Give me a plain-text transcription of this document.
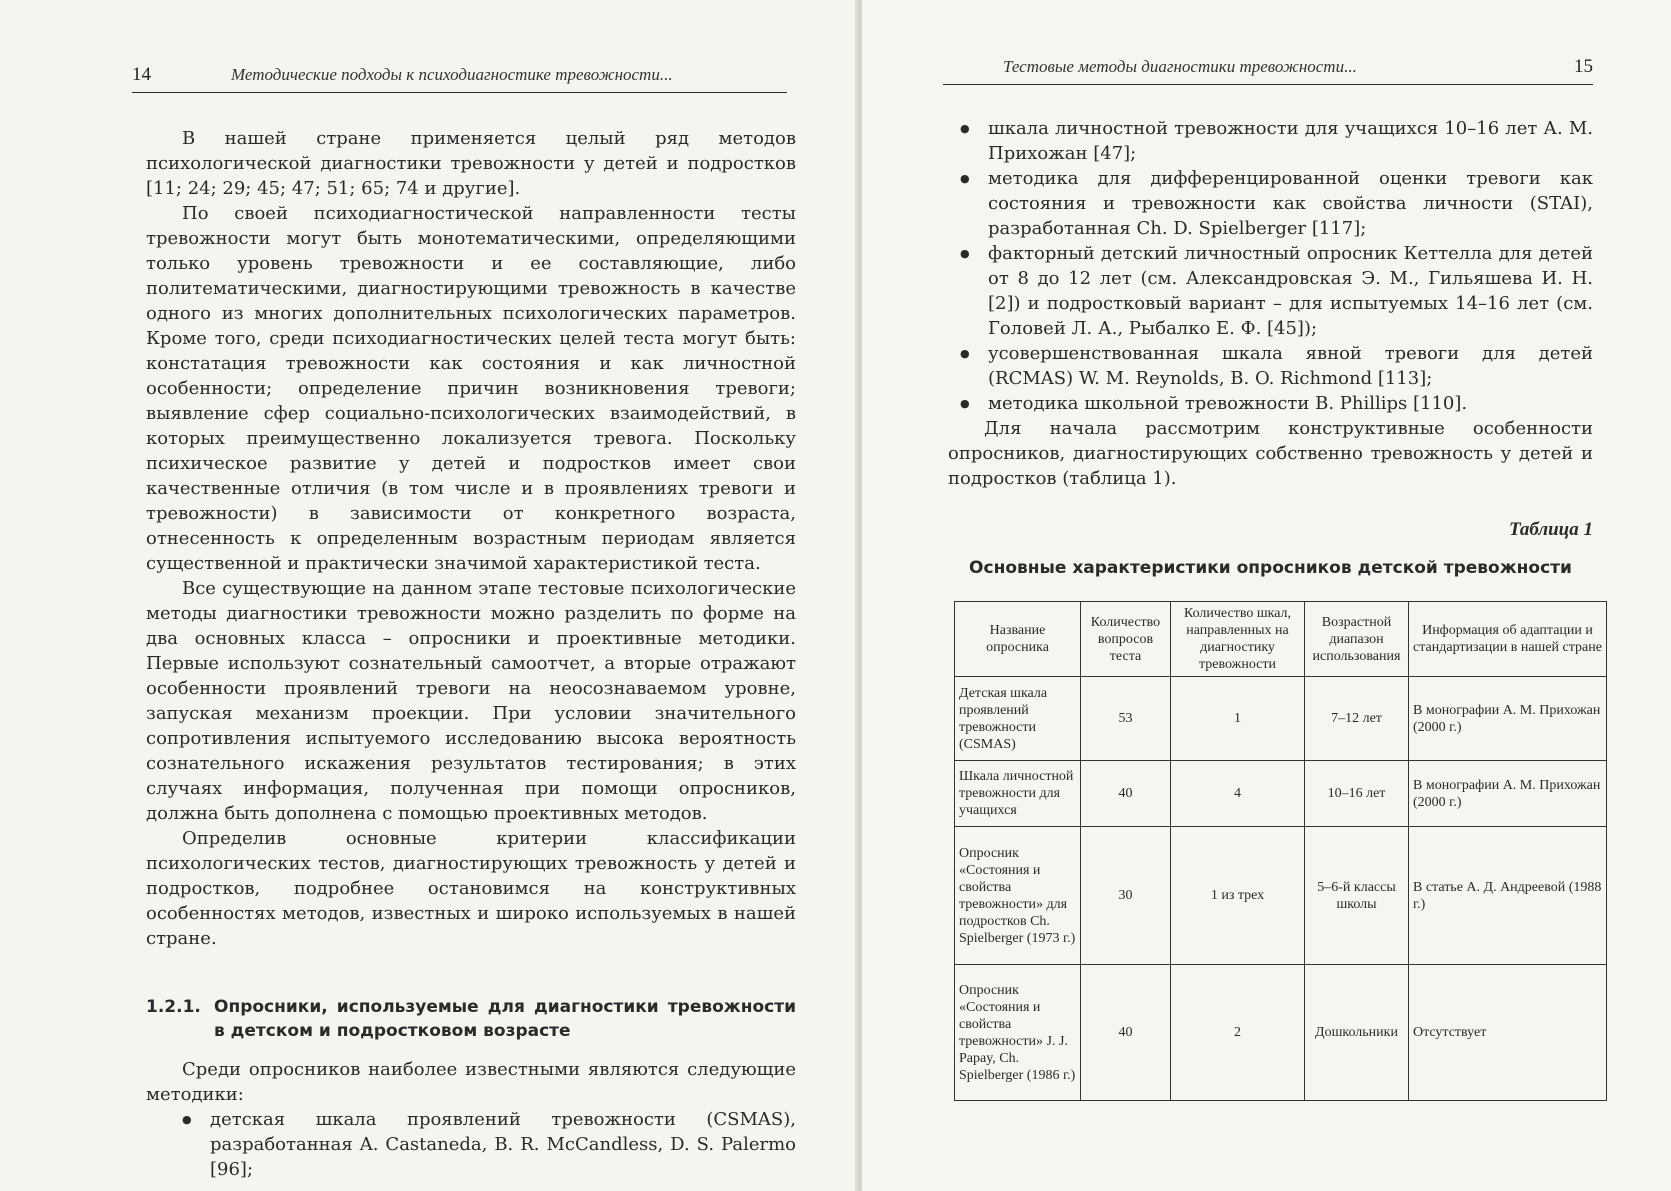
14	Методические подходы к психодиагностике тревожности...

В нашей стране применяется целый ряд методов психологической диагностики тревожности у детей и подростков [11; 24; 29; 45; 47; 51; 65; 74 и другие].

По своей психодиагностической направленности тесты тревожности могут быть монотематическими, определяющими только уровень тревожности и ее составляющие, либо политематическими, диагностирующими тревожность в качестве одного из многих дополнительных психологических параметров. Кроме того, среди психодиагностических целей теста могут быть: констатация тревожности как состояния и как личностной особенности; определение причин возникновения тревоги; выявление сфер социально-психологических взаимодействий, в которых преимущественно локализуется тревога. Поскольку психическое развитие у детей и подростков имеет свои качественные отличия (в том числе и в проявлениях тревоги и тревожности) в зависимости от конкретного возраста, отнесенность к определенным возрастным периодам является существенной и практически значимой характеристикой теста.

Все существующие на данном этапе тестовые психологические методы диагностики тревожности можно разделить по форме на два основных класса – опросники и проективные методики. Первые используют сознательный самоотчет, а вторые отражают особенности проявлений тревоги на неосознаваемом уровне, запуская механизм проекции. При условии значительного сопротивления испытуемого исследованию высока вероятность сознательного искажения результатов тестирования; в этих случаях информация, полученная при помощи опросников, должна быть дополнена с помощью проективных методов.

Определив основные критерии классификации психологических тестов, диагностирующих тревожность у детей и подростков, подробнее остановимся на конструктивных особенностях методов, известных и широко используемых в нашей стране.

1.2.1. Опросники, используемые для диагностики тревожности в детском и подростковом возрасте

Среди опросников наиболее известными являются следующие методики:

● детская шкала проявлений тревожности (CSMAS), разработанная A. Castaneda, B. R. McCandless, D. S. Palermo [96];
Тестовые методы диагностики тревожности...	15
● шкала личностной тревожности для учащихся 10–16 лет А. М. Прихожан [47];
● методика для дифференцированной оценки тревоги как состояния и тревожности как свойства личности (STAI), разработанная Ch. D. Spielberger [117];
● факторный детский личностный опросник Кеттелла для детей от 8 до 12 лет (см. Александровская Э. М., Гильяшева И. Н. [2]) и подростковый вариант – для испытуемых 14–16 лет (см. Головей Л. А., Рыбалко Е. Ф. [45]);
● усовершенствованная шкала явной тревоги для детей (RCMAS) W. M. Reynolds, B. O. Richmond [113];
● методика школьной тревожности B. Phillips [110].

Для начала рассмотрим конструктивные особенности опросников, диагностирующих собственно тревожность у детей и подростков (таблица 1).

Таблица 1
Основные характеристики опросников детской тревожности
Название опросника	Количество вопросов теста	Количество шкал, направленных на диагностику тревожности	Возрастной диапазон использования	Информация об адаптации и стандартизации в нашей стране
Детская шкала проявлений тревожности (CSMAS)	53	1	7–12 лет	В монографии А. М. Прихожан (2000 г.)
Шкала личностной тревожности для учащихся	40	4	10–16 лет	В монографии А. М. Прихожан (2000 г.)
Опросник «Состояния и свойства тревожности» для подростков Ch. Spielberger (1973 г.)	30	1 из трех	5–6-й классы школы	В статье А. Д. Андреевой (1988 г.)
Опросник «Состояния и свойства тревожности» J. J. Papay, Ch. Spielberger (1986 г.)	40	2	Дошкольники	Отсутствует
